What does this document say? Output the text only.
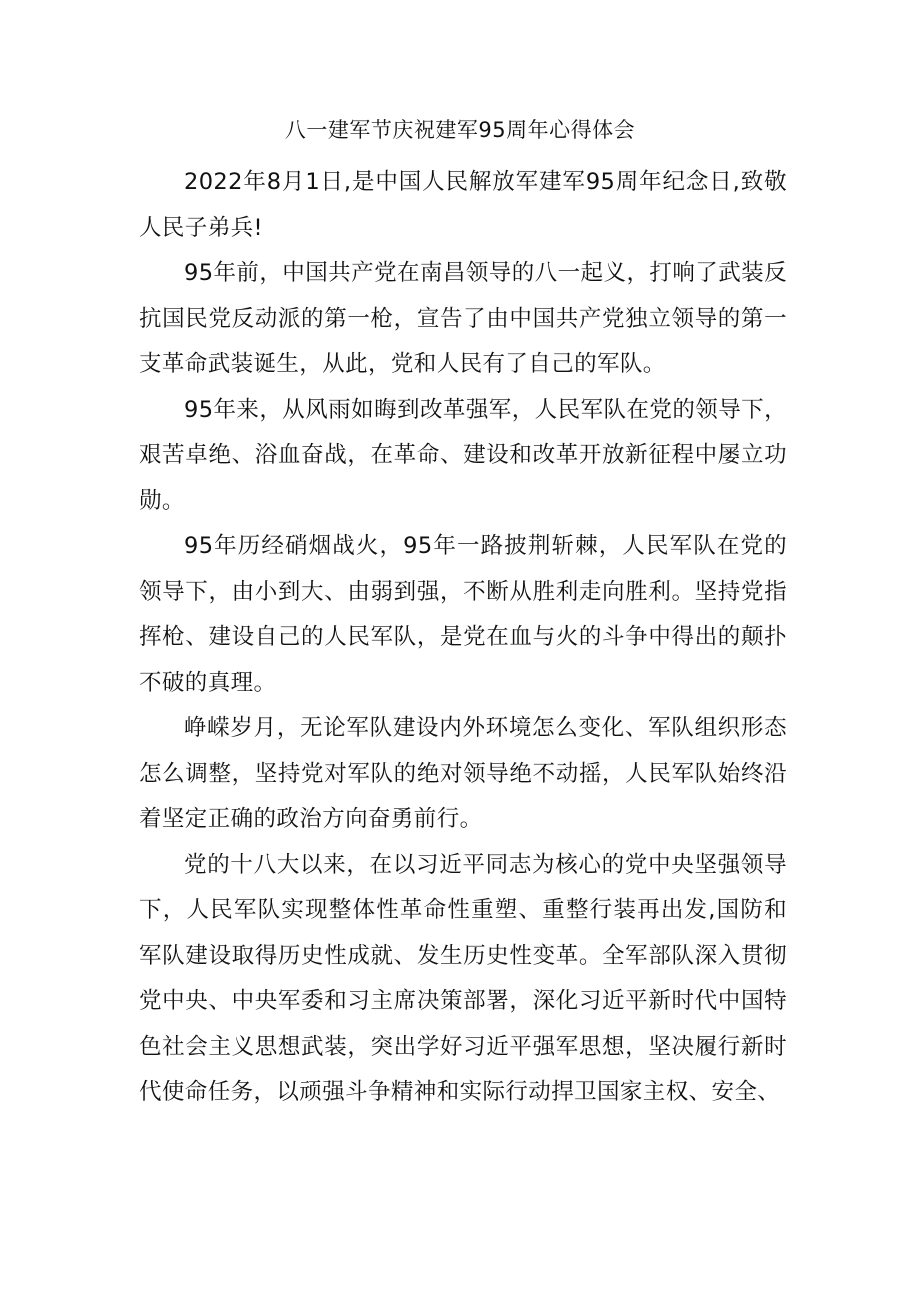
八一建军节庆祝建军95周年心得体会

2022年8月1日,是中国人民解放军建军95周年纪念日,致敬人民子弟兵!

95年前，中国共产党在南昌领导的八一起义，打响了武装反抗国民党反动派的第一枪，宣告了由中国共产党独立领导的第一支革命武装诞生，从此，党和人民有了自己的军队。

95年来，从风雨如晦到改革强军，人民军队在党的领导下，艰苦卓绝、浴血奋战，在革命、建设和改革开放新征程中屡立功勋。

95年历经硝烟战火，95年一路披荆斩棘，人民军队在党的领导下，由小到大、由弱到强，不断从胜利走向胜利。坚持党指挥枪、建设自己的人民军队，是党在血与火的斗争中得出的颠扑不破的真理。

峥嵘岁月，无论军队建设内外环境怎么变化、军队组织形态怎么调整，坚持党对军队的绝对领导绝不动摇，人民军队始终沿着坚定正确的政治方向奋勇前行。

党的十八大以来，在以习近平同志为核心的党中央坚强领导下，人民军队实现整体性革命性重塑、重整行装再出发,国防和军队建设取得历史性成就、发生历史性变革。全军部队深入贯彻党中央、中央军委和习主席决策部署，深化习近平新时代中国特色社会主义思想武装，突出学好习近平强军思想，坚决履行新时代使命任务，以顽强斗争精神和实际行动捍卫国家主权、安全、
